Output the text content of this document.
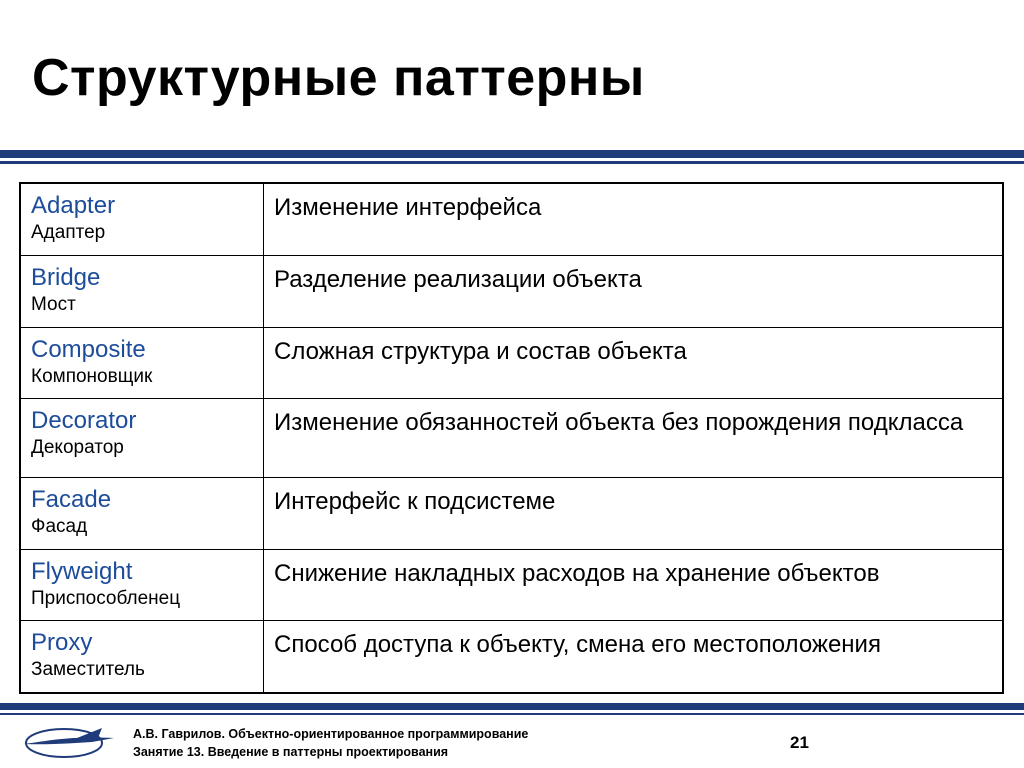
Структурные паттерны
Adapter
Адаптер	Изменение интерфейса

Bridge
Мост	Разделение реализации объекта

Composite
Компоновщик	Сложная структура и состав объекта

Decorator
Декоратор	Изменение обязанностей объекта без порождения подкласса

Facade
Фасад	Интерфейс к подсистеме

Flyweight
Приспособленец	Снижение накладных расходов на хранение объектов

Proxy
Заместитель	Способ доступа к объекту, смена его местоположения
А.В. Гаврилов. Объектно-ориентированное программирование
Занятие 13. Введение в паттерны проектирования	21
